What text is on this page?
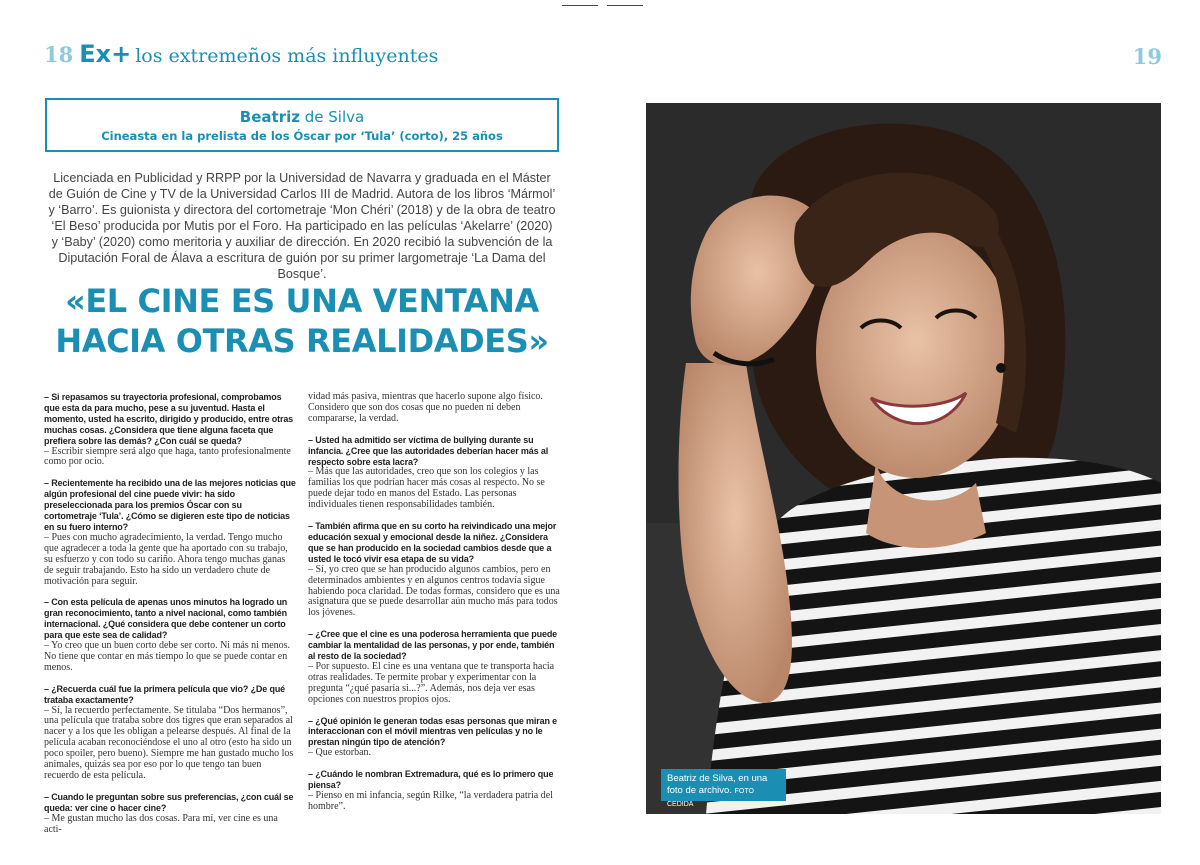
18 Ex+ los extremeños más influyentes	19
Beatriz de Silva
Cineasta en la prelista de los Óscar por ‘Tula’ (corto), 25 años

Licenciada en Publicidad y RRPP por la Universidad de Navarra y graduada en el Máster de Guión de Cine y TV de la Universidad Carlos III de Madrid. Autora de los libros ‘Mármol’ y ‘Barro’. Es guionista y directora del cortometraje ‘Mon Chéri’ (2018) y de la obra de teatro ‘El Beso’ producida por Mutis por el Foro. Ha participado en las películas ‘Akelarre’ (2020) y ‘Baby’ (2020) como meritoria y auxiliar de dirección. En 2020 recibió la subvención de la Diputación Foral de Álava a escritura de guión por su primer largometraje ‘La Dama del Bosque’.

«EL CINE ES UNA VENTANA
HACIA OTRAS REALIDADES»

– Si repasamos su trayectoria profesional, comprobamos que esta da para mucho, pese a su juventud. Hasta el momento, usted ha escrito, dirigido y producido, entre otras muchas cosas. ¿Considera que tiene alguna faceta que prefiera sobre las demás? ¿Con cuál se queda?

– Escribir siempre será algo que haga, tanto profesionalmente como por ocio.

– Recientemente ha recibido una de las mejores noticias que algún profesional del cine puede vivir: ha sido preseleccionada para los premios Óscar con su cortometraje ‘Tula’. ¿Cómo se digieren este tipo de noticias en su fuero interno?

– Pues con mucho agradecimiento, la verdad. Tengo mucho que agradecer a toda la gente que ha aportado con su trabajo, su esfuerzo y con todo su cariño. Ahora tengo muchas ganas de seguir trabajando. Esto ha sido un verdadero chute de motivación para seguir.

– Con esta película de apenas unos minutos ha logrado un gran reconocimiento, tanto a nivel nacional, como también internacional. ¿Qué considera que debe contener un corto para que este sea de calidad?

– Yo creo que un buen corto debe ser corto. Ni más ni menos. No tiene que contar en más tiempo lo que se puede contar en menos.

– ¿Recuerda cuál fue la primera película que vio? ¿De qué trataba exactamente?

– Sí, la recuerdo perfectamente. Se titulaba “Dos hermanos”, una película que trataba sobre dos tigres que eran separados al nacer y a los que les obligan a pelearse después. Al final de la película acaban reconociéndose el uno al otro (esto ha sido un poco spoiler, pero bueno). Siempre me han gustado mucho los animales, quizás sea por eso por lo que tengo tan buen recuerdo de esta película.

– Cuando le preguntan sobre sus preferencias, ¿con cuál se queda: ver cine o hacer cine?

– Me gustan mucho las dos cosas. Para mí, ver cine es una acti-

vidad más pasiva, mientras que hacerlo supone algo físico. Considero que son dos cosas que no pueden ni deben compararse, la verdad.

– Usted ha admitido ser víctima de bullying durante su infancia. ¿Cree que las autoridades deberían hacer más al respecto sobre esta lacra?

– Más que las autoridades, creo que son los colegios y las familias los que podrían hacer más cosas al respecto. No se puede dejar todo en manos del Estado. Las personas individuales tienen responsabilidades también.

– También afirma que en su corto ha reivindicado una mejor educación sexual y emocional desde la niñez. ¿Considera que se han producido en la sociedad cambios desde que a usted le tocó vivir esa etapa de su vida?

– Sí, yo creo que se han producido algunos cambios, pero en determinados ambientes y en algunos centros todavía sigue habiendo poca claridad. De todas formas, considero que es una asignatura que se puede desarrollar aún mucho más para todos los jóvenes.

– ¿Cree que el cine es una poderosa herramienta que puede cambiar la mentalidad de las personas, y por ende, también al resto de la sociedad?

– Por supuesto. El cine es una ventana que te transporta hacia otras realidades. Te permite probar y experimentar con la pregunta “¿qué pasaría si...?”. Además, nos deja ver esas opciones con nuestros propios ojos.

– ¿Qué opinión le generan todas esas personas que miran e interaccionan con el móvil mientras ven películas y no le prestan ningún tipo de atención?

– Que estorban.

– ¿Cuándo le nombran Extremadura, qué es lo primero que piensa?

– Pienso en mi infancia, según Rilke, “la verdadera patria del hombre”.

Beatriz de Silva, en una foto de archivo. FOTO CEDIDA
